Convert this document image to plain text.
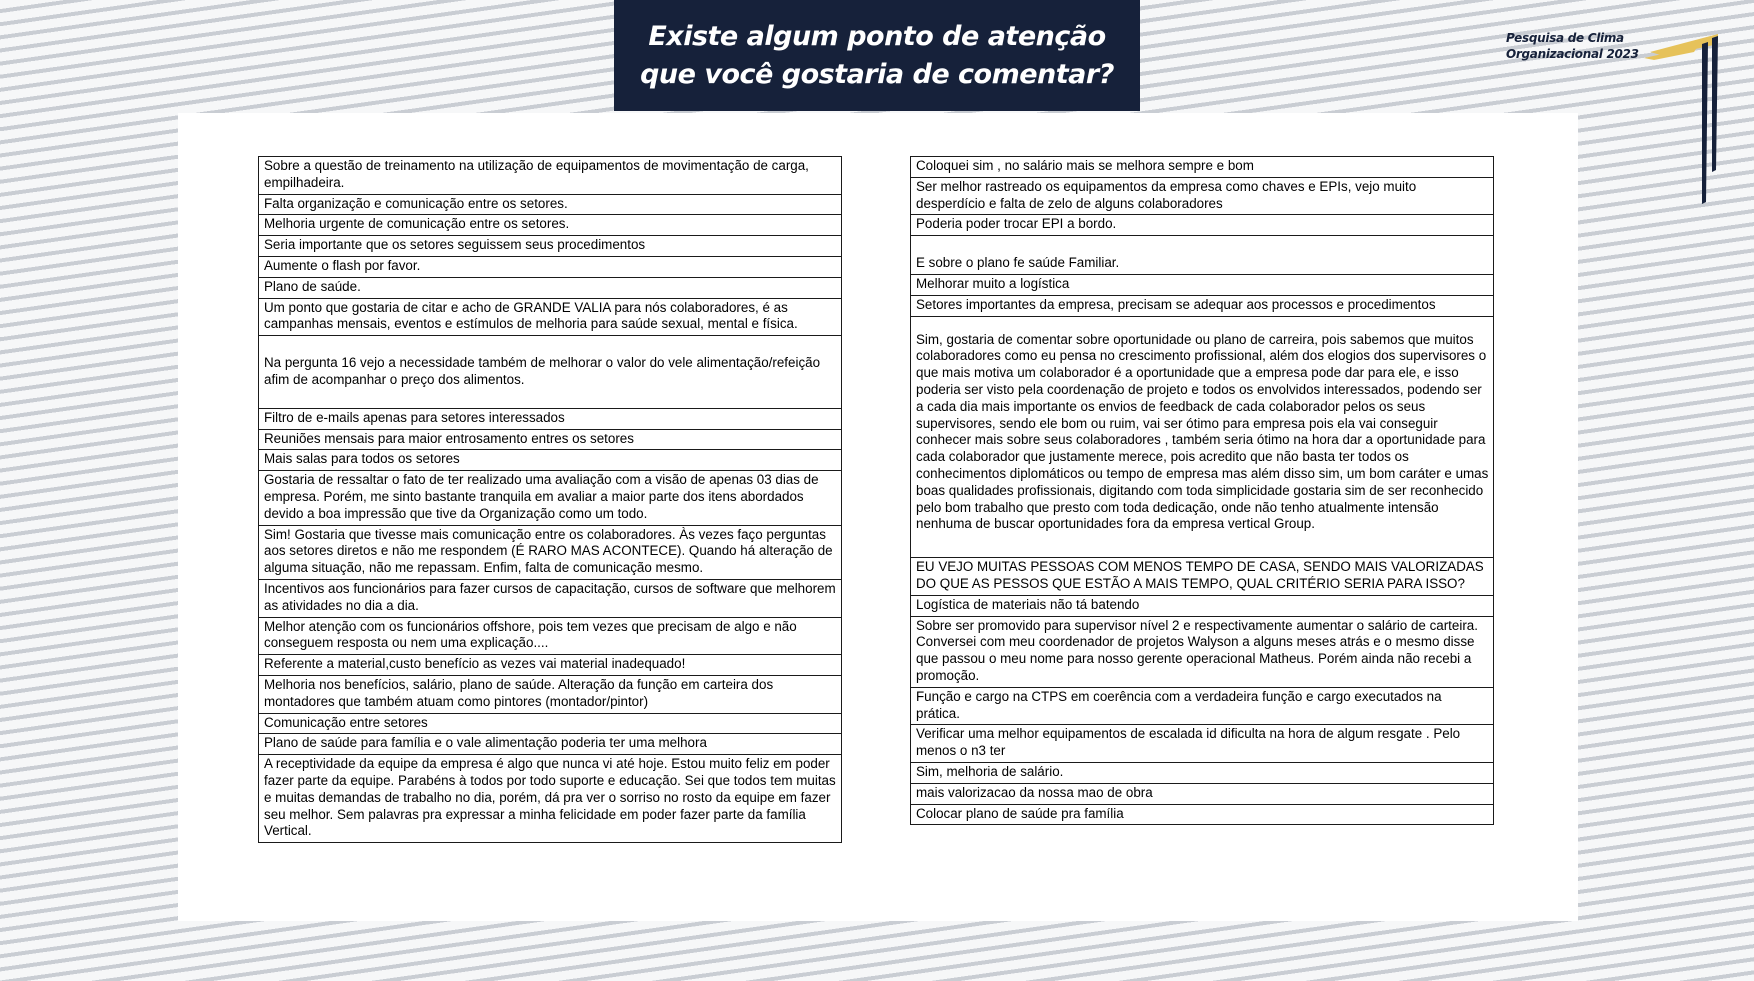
Existe algum ponto de atenção
que você gostaria de comentar?
Pesquisa de Clima
Organizacional 2023
Sobre a questão de treinamento na utilização de equipamentos de movimentação de carga, empilhadeira.
Falta organização e comunicação entre os setores.
Melhoria urgente de comunicação entre os setores.
Seria importante que os setores seguissem seus procedimentos
Aumente o flash por favor.
Plano de saúde.
Um ponto que gostaria de citar e acho de GRANDE VALIA para nós colaboradores, é as campanhas mensais, eventos e estímulos de melhoria para saúde sexual, mental e física.
Na pergunta 16 vejo a necessidade também de melhorar o valor do vele alimentação/refeição afim de acompanhar o preço dos alimentos.
Filtro de e-mails apenas para setores interessados
Reuniões mensais para maior entrosamento entres os setores
Mais salas para todos os setores
Gostaria de ressaltar o fato de ter realizado uma avaliação com a visão de apenas 03 dias de empresa. Porém, me sinto bastante tranquila em avaliar a maior parte dos itens abordados devido a boa impressão que tive da Organização como um todo.
Sim! Gostaria que tivesse mais comunicação entre os colaboradores. Às vezes faço perguntas aos setores diretos e não me respondem (É RARO MAS ACONTECE). Quando há alteração de alguma situação, não me repassam. Enfim, falta de comunicação mesmo.
Incentivos aos funcionários para fazer cursos de capacitação, cursos de software que melhorem as atividades no dia a dia.
Melhor atenção com os funcionários offshore, pois tem vezes que precisam de algo e não conseguem resposta ou nem uma explicação....
Referente a material,custo benefício as vezes vai material inadequado!
Melhoria nos benefícios, salário, plano de saúde. Alteração da função em carteira dos montadores que também atuam como pintores (montador/pintor)
Comunicação entre setores
Plano de saúde para família e o vale alimentação poderia ter uma melhora
A receptividade da equipe da empresa é algo que nunca vi até hoje. Estou muito feliz em poder fazer parte da equipe. Parabéns à todos por todo suporte e educação. Sei que todos tem muitas e muitas demandas de trabalho no dia, porém, dá pra ver o sorriso no rosto da equipe em fazer seu melhor. Sem palavras pra expressar a minha felicidade em poder fazer parte da família Vertical.
Coloquei sim , no salário mais se melhora sempre e bom
Ser melhor rastreado os equipamentos da empresa como chaves e EPIs, vejo muito desperdício e falta de zelo de alguns colaboradores
Poderia poder trocar EPI a bordo.
E sobre o plano fe saúde Familiar.
Melhorar muito a logística
Setores importantes da empresa, precisam se adequar aos processos e procedimentos
Sim, gostaria de comentar sobre oportunidade ou plano de carreira, pois sabemos que muitos colaboradores como eu pensa no crescimento profissional, além dos elogios dos supervisores o que mais motiva um colaborador é a oportunidade que a empresa pode dar para ele, e isso poderia ser visto pela coordenação de projeto e todos os envolvidos interessados, podendo ser a cada dia mais importante os envios de feedback de cada colaborador pelos os seus supervisores, sendo ele bom ou ruim, vai ser ótimo para empresa pois ela vai conseguir conhecer mais sobre seus colaboradores , também seria ótimo na hora dar a oportunidade para cada colaborador que justamente merece, pois acredito que não basta ter todos os conhecimentos diplomáticos ou tempo de empresa mas além disso sim, um bom caráter e umas boas qualidades profissionais, digitando com toda simplicidade gostaria sim de ser reconhecido pelo bom trabalho que presto com toda dedicação, onde não tenho atualmente intensão nenhuma de buscar oportunidades fora da empresa vertical Group.
EU VEJO MUITAS PESSOAS COM MENOS TEMPO DE CASA, SENDO MAIS VALORIZADAS DO QUE AS PESSOS QUE ESTÃO A MAIS TEMPO, QUAL CRITÉRIO SERIA PARA ISSO?
Logística de materiais não tá batendo
Sobre ser promovido para supervisor nível 2 e respectivamente aumentar o salário de carteira. Conversei com meu coordenador de projetos Walyson a alguns meses atrás e o mesmo disse que passou o meu nome para nosso gerente operacional Matheus. Porém ainda não recebi a promoção.
Função e cargo na CTPS em coerência com a verdadeira função e cargo executados na prática.
Verificar uma melhor equipamentos de escalada id dificulta na hora de algum resgate . Pelo menos o n3 ter
Sim, melhoria de salário.
mais valorizacao da nossa mao de obra
Colocar plano de saúde pra família
